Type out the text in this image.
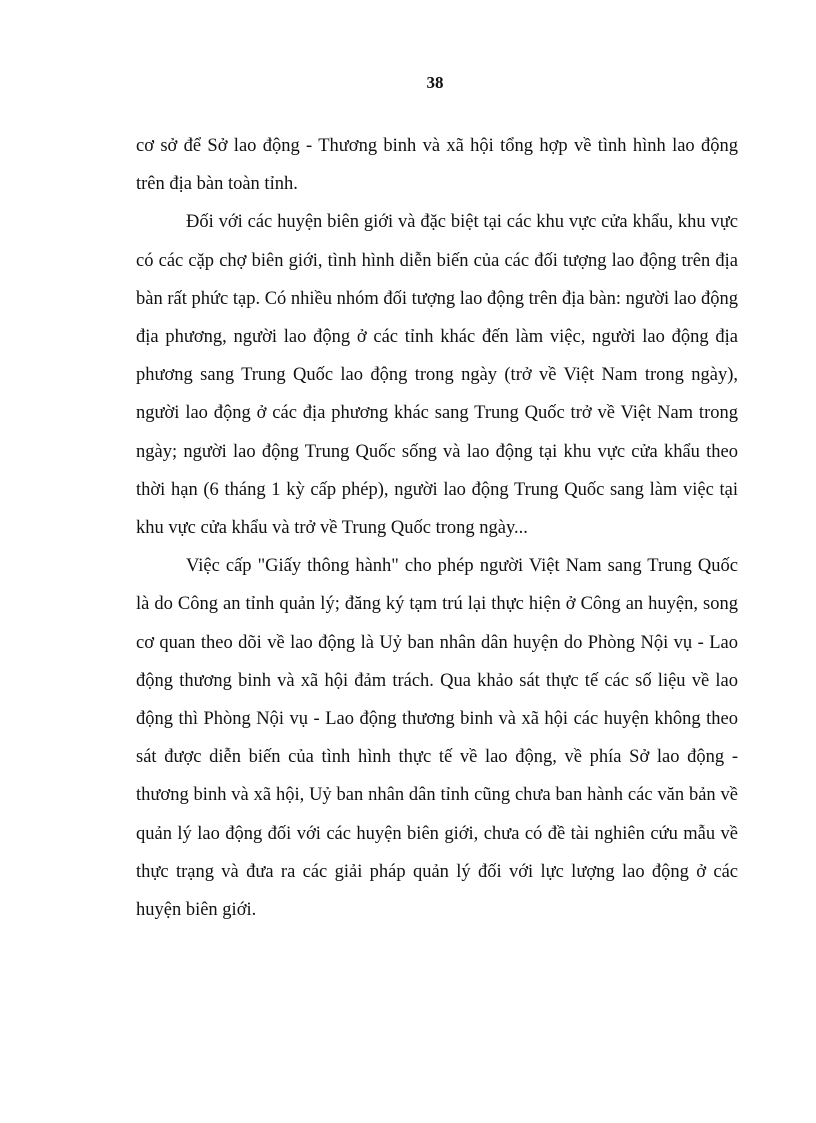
38

cơ sở để Sở lao động - Thương binh và xã hội tổng hợp về tình hình lao động trên địa bàn toàn tỉnh.

Đối với các huyện biên giới và đặc biệt tại các khu vực cửa khẩu, khu vực có các cặp chợ biên giới, tình hình diễn biến của các đối tượng lao động trên địa bàn rất phức tạp. Có nhiều nhóm đối tượng lao động trên địa bàn: người lao động địa phương, người lao động ở các tỉnh khác đến làm việc, người lao động địa phương sang Trung Quốc lao động trong ngày (trở về Việt Nam trong ngày), người lao động ở các địa phương khác sang Trung Quốc trở về Việt Nam trong ngày; người lao động Trung Quốc sống và lao động tại khu vực cửa khẩu theo thời hạn (6 tháng 1 kỳ cấp phép), người lao động Trung Quốc sang làm việc tại khu vực cửa khẩu và trở về Trung Quốc trong ngày...

Việc cấp "Giấy thông hành" cho phép người Việt Nam sang Trung Quốc là do Công an tỉnh quản lý; đăng ký tạm trú lại thực hiện ở Công an huyện, song cơ quan theo dõi về lao động là Uỷ ban nhân dân huyện do Phòng Nội vụ - Lao động thương binh và xã hội đảm trách. Qua khảo sát thực tế các số liệu về lao động thì Phòng Nội vụ - Lao động thương binh và xã hội các huyện không theo sát được diễn biến của tình hình thực tế về lao động, về phía Sở lao động - thương binh và xã hội, Uỷ ban nhân dân tỉnh cũng chưa ban hành các văn bản về quản lý lao động đối với các huyện biên giới, chưa có đề tài nghiên cứu mẫu về thực trạng và đưa ra các giải pháp quản lý đối với lực lượng lao động ở các huyện biên giới.
